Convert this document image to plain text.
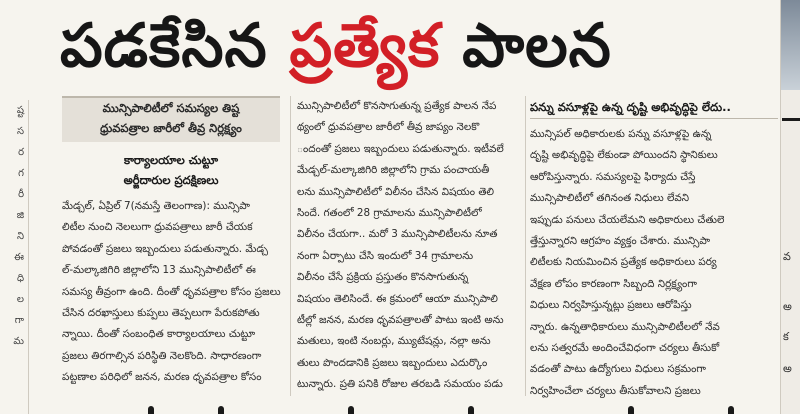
ష్ట
స
ర
గ
రీ
జి
ని
ఈ
ధి
ల
గా
మ
వ
అ
క
అ
పడకేసిన ప్రత్యేక పాలన
మున్సిపాలిటీలో సమస్యల తిష్ట
ధ్రువపత్రాల జారీలో తీవ్ర నిర్లక్ష్యం
కార్యాలయాల చుట్టూ
అర్జీదారుల ప్రదక్షిణలు
మేడ్చల్, ఏప్రిల్ 7(నమస్తే తెలంగాణ): మున్సిపా
లిటీల నుంచి నెలలుగా ధ్రువపత్రాలు జారీ చేయక
పోవడంతో ప్రజలు ఇబ్బందులు పడుతున్నారు. మేడ్చ
ల్-మల్కాజిగిరి జిల్లాలోని 13 మున్సిపాలిటీలో ఈ
సమస్య తీవ్రంగా ఉంది. దీంతో ధృవపత్రాల కోసం ప్రజలు
చేసిన దరఖాస్తులు కుప్పలు తెప్పలుగా పేరుకపోతు
న్నాయి. దీంతో సంబంధిత కార్యాలయాలు చుట్టూ
ప్రజలు తిరగాల్సిన పరిస్థితి నెలకొంది. సాధారణంగా
పట్టణాల పరిధిలో జనన, మరణ ధృవపత్రాల కోసం
మున్సిపాలిటీలో కొనసాగుతున్న ప్రత్యేక పాలన నేప
థ్యంలో ధ్రువపత్రాల జారీలో తీవ్ర జాప్యం నెలకొ
ందంతో ప్రజలు ఇబ్బందులు పడుతున్నారు. ఇటీవలే
మేడ్చల్-మల్కాజిగిరి జిల్లాలోని గ్రామ పంచాయతీ
లను మున్సిపాలిటీలో విలీనం చేసిన విషయం తెలి
సిందే. గతంలో 28 గ్రామాలను మున్సిపాలిటీలో
విలీనం చేయగా.. మరో 3 మున్సిపాలిటీలను నూత
నంగా ఏర్పాటు చేసి ఇందులో 34 గ్రామాలను
విలీనం చేసే ప్రక్రియ ప్రస్తుతం కొనసాగుతున్న
విషయం తెలిసిందే. ఈ క్రమంలో ఆయా మున్సిపాలి
టీల్లో జనన, మరణ ధృవపత్రాలతో పాటు ఇంటి అను
మతులు, ఇంటి నంబర్లు, మ్యుటేషన్లు, నల్లా అను
తులు పొందడానికి ప్రజలు ఇబ్బందులు ఎదుర్కొం
టున్నారు. ప్రతి పనికి రోజుల తరబడి సమయం పడు
పన్ను వసూళ్లపై ఉన్న దృష్టి అభివృద్ధిపై లేదు..
మున్సిపల్ అధికారులకు పన్ను వసూళ్లపై ఉన్న
దృష్టి అభివృద్ధిపై లేకుండా పోయిందని స్థానికులు
ఆరోపిస్తున్నారు. సమస్యలపై ఫిర్యాదు చేస్తే
మున్సిపాలిటీలో తగినంత నిధులు లేవని
ఇప్పుడు పనులు చేయలేమని అధికారులు చేతులె
త్తేస్తున్నారని ఆగ్రహం వ్యక్తం చేశారు. మున్సిపా
లిటీలకు నియమించిన ప్రత్యేక అధికారులు పర్య
వేక్షణ లోపం కారణంగా సిబ్బంది నిర్లక్ష్యంగా
విధులు నిర్వహిస్తున్నట్లు ప్రజలు ఆరోపిస్తు
న్నారు. ఉన్నతాధికారులు మున్సిపాలిటీలలో నేవ
లను సత్వరమే అందించేవిధంగా చర్యలు తీసుకో
వడంతో పాటు ఉద్యోగులు విధులు సక్రమంగా
నిర్వహించేలా చర్యలు తీసుకోవాలని ప్రజలు
